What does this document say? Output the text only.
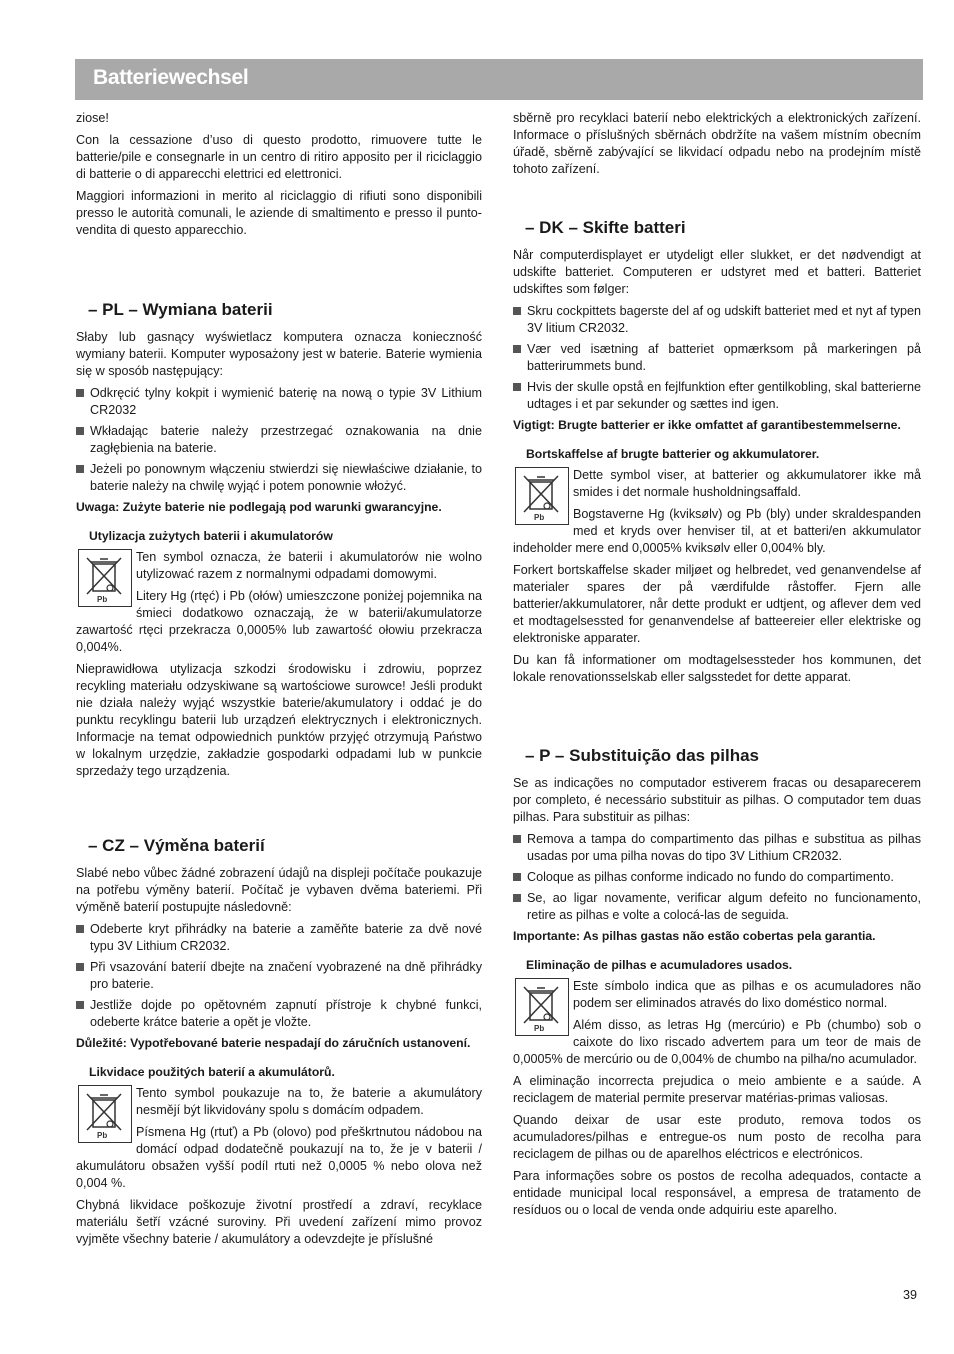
Batteriewechsel

ziose!

Con la cessazione d’uso di questo prodotto, rimuovere tutte le batterie/pile e consegnarle in un centro di ritiro apposito per il riciclaggio di batterie o di apparecchi elettrici ed elettronici.

Maggiori informazioni in merito al riciclaggio di rifiuti sono disponibili presso le autorità comunali, le aziende di smaltimento e presso il punto-vendita di questo apparecchio.

– PL – Wymiana baterii

Słaby lub gasnący wyświetlacz komputera oznacza konieczność wymiany baterii. Komputer wyposażony jest w baterie. Baterie wymienia się w sposób następujący:

Odkręcić tylny kokpit i wymienić baterię na nową o typie 3V Lithium CR2032
Wkładając baterie należy przestrzegać oznakowania na dnie zagłębienia na baterie.
Jeżeli po ponownym włączeniu stwierdzi się niewłaściwe działanie, to baterie należy na chwilę wyjąć i potem ponownie włożyć.

Uwaga: Zużyte baterie nie podlegają pod warunki gwarancyjne.

Utylizacja zużytych baterii i akumulatorów
Pb

Ten symbol oznacza, że baterii i akumulatorów nie wolno utylizować razem z normalnymi odpadami domowymi.

Litery Hg (rtęć) i Pb (ołów) umieszczone poniżej pojemnika na śmieci dodatkowo oznaczają, że w baterii/akumulatorze zawartość rtęci przekracza 0,0005% lub zawartość ołowiu przekracza 0,004%.

Nieprawidłowa utylizacja szkodzi środowisku i zdrowiu, poprzez recykling materiału odzyskiwane są wartościowe surowce! Jeśli produkt nie działa należy wyjąć wszystkie baterie/akumulatory i oddać je do punktu recyklingu baterii lub urządzeń elektrycznych i elektronicznych. Informacje na temat odpowiednich punktów przyjęć otrzymują Państwo w lokalnym urzędzie, zakładzie gospodarki odpadami lub w punkcie sprzedaży tego urządzenia.

– CZ – Výměna baterií

Slabé nebo vůbec žádné zobrazení údajů na displeji počítače poukazuje na potřebu výměny baterií. Počítač je vybaven dvěma bateriemi. Při výměně baterií postupujte následovně:

Odeberte kryt přihrádky na baterie a zaměňte baterie za dvě nové typu 3V Lithium CR2032.
Při vsazování baterií dbejte na značení vyobrazené na dně přihrádky pro baterie.
Jestliže dojde po opětovném zapnutí přístroje k chybné funkci, odeberte krátce baterie a opět je vložte.

Důležité: Vypotřebované baterie nespadají do záručních ustanovení.

Likvidace použitých baterií a akumulátorů.
Pb

Tento symbol poukazuje na to, že baterie a akumulátory nesmějí být likvidovány spolu s domácím odpadem.

Písmena Hg (rtuť) a Pb (olovo) pod přeškrtnutou nádobou na domácí odpad dodatečně poukazují na to, že je v baterii / akumulátoru obsažen vyšší podíl rtuti než 0,0005 % nebo olova než 0,004 %.

Chybná likvidace poškozuje životní prostředí a zdraví, recyklace materiálu šetří vzácné suroviny. Při uvedení zařízení mimo provoz vyjměte všechny baterie / akumulátory a odevzdejte je příslušné

sběrně pro recyklaci baterií nebo elektrických a elektronických zařízení. Informace o příslušných sběrnách obdržíte na vašem místním obecním úřadě, sběrně zabývající se likvidací odpadu nebo na prodejním místě tohoto zařízení.

– DK – Skifte batteri

Når computerdisplayet er utydeligt eller slukket, er det nødvendigt at udskifte batteriet. Computeren er udstyret med et batteri. Batteriet udskiftes som følger:

Skru cockpittets bagerste del af og udskift batteriet med et nyt af typen 3V litium CR2032.
Vær ved isætning af batteriet opmærksom på markeringen på batterirummets bund.
Hvis der skulle opstå en fejlfunktion efter gentilkobling, skal batterierne udtages i et par sekunder og sættes ind igen.

Vigtigt: Brugte batterier er ikke omfattet af garantibestemmelserne.

Bortskaffelse af brugte batterier og akkumulatorer.
Pb

Dette symbol viser, at batterier og akkumulatorer ikke må smides i det normale husholdningsaffald.

Bogstaverne Hg (kviksølv) og Pb (bly) under skraldespanden med et kryds over henviser til, at et batteri/en akkumulator indeholder mere end 0,0005% kviksølv eller 0,004% bly.

Forkert bortskaffelse skader miljøet og helbredet, ved genanvendelse af materialer spares der på værdifulde råstoffer. Fjern alle batterier/akkumulatorer, når dette produkt er udtjent, og aflever dem ved et modtagelsessted for genanvendelse af batteereier eller elektriske og elektroniske apparater.

Du kan få informationer om modtagelsessteder hos kommunen, det lokale renovationsselskab eller salgsstedet for dette apparat.

– P – Substituição das pilhas

Se as indicações no computador estiverem fracas ou desaparecerem por completo, é necessário substituir as pilhas. O computador tem duas pilhas. Para substituir as pilhas:

Remova a tampa do compartimento das pilhas e substitua as pilhas usadas por uma pilha novas do tipo 3V Lithium CR2032.
Coloque as pilhas conforme indicado no fundo do compartimento.
Se, ao ligar novamente, verificar algum defeito no funcionamento, retire as pilhas e volte a colocá-las de seguida.

Importante: As pilhas gastas não estão cobertas pela garantia.

Eliminação de pilhas e acumuladores usados.
Pb

Este símbolo indica que as pilhas e os acumuladores não podem ser eliminados através do lixo doméstico normal.

Além disso, as letras Hg (mercúrio) e Pb (chumbo) sob o caixote do lixo riscado advertem para um teor de mais de 0,0005% de mercúrio ou de 0,004% de chumbo na pilha/no acumulador.

A eliminação incorrecta prejudica o meio ambiente e a saúde. A reciclagem de material permite preservar matérias-primas valiosas.

Quando deixar de usar este produto, remova todos os acumuladores/pilhas e entregue-os num posto de recolha para reciclagem de pilhas ou de aparelhos eléctricos e electrónicos.

Para informações sobre os postos de recolha adequados, contacte a entidade municipal local responsável, a empresa de tratamento de resíduos ou o local de venda onde adquiriu este aparelho.

39
